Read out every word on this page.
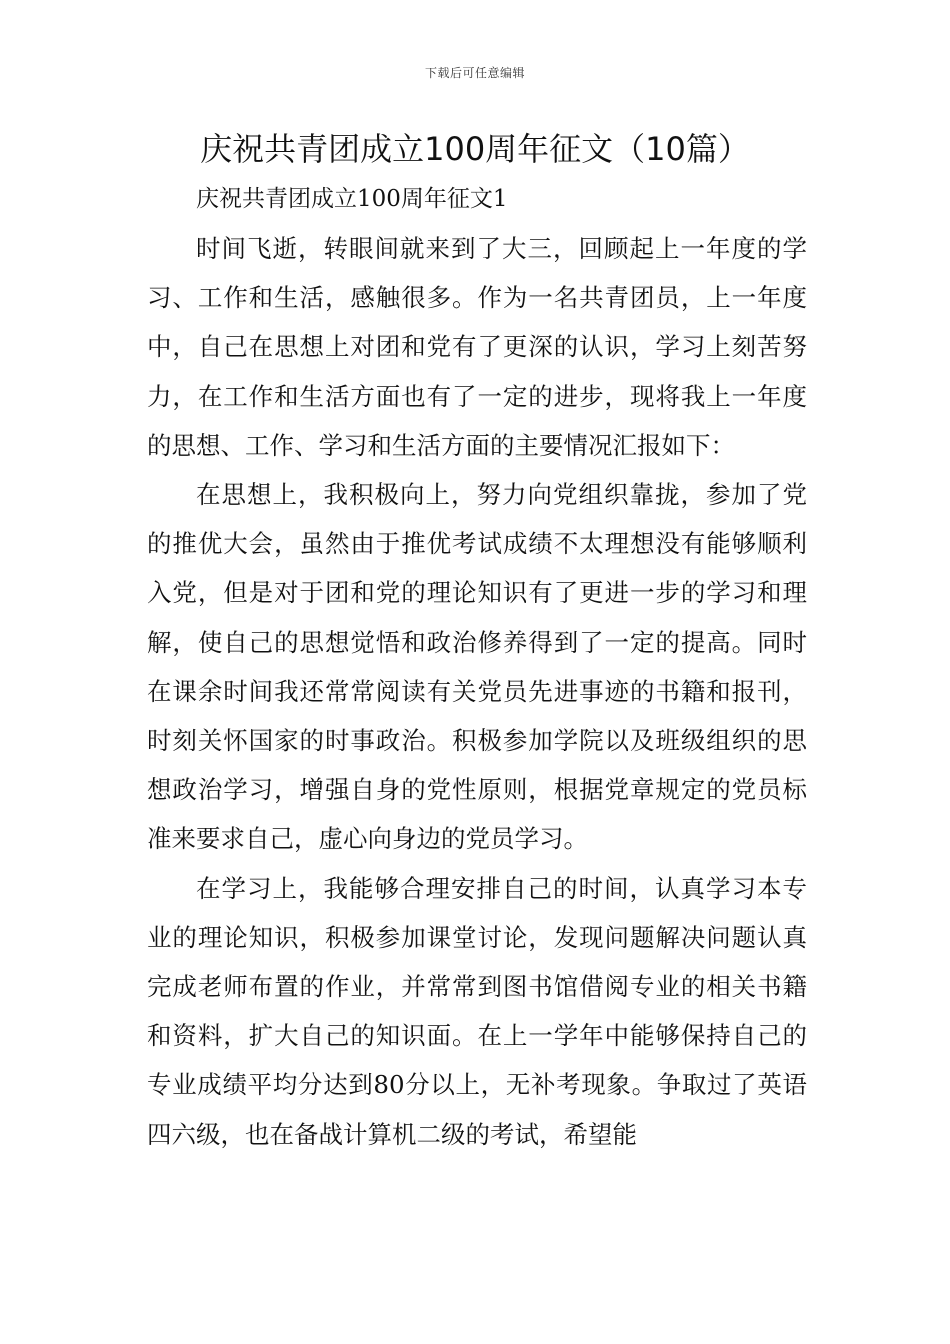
下载后可任意编辑
庆祝共青团成立100周年征文（10篇）
庆祝共青团成立100周年征文1

时间飞逝，转眼间就来到了大三，回顾起上一年度的学习、工作和生活，感触很多。作为一名共青团员，上一年度中，自己在思想上对团和党有了更深的认识，学习上刻苦努力，在工作和生活方面也有了一定的进步，现将我上一年度的思想、工作、学习和生活方面的主要情况汇报如下：

在思想上，我积极向上，努力向党组织靠拢，参加了党的推优大会，虽然由于推优考试成绩不太理想没有能够顺利入党，但是对于团和党的理论知识有了更进一步的学习和理解，使自己的思想觉悟和政治修养得到了一定的提高。同时在课余时间我还常常阅读有关党员先进事迹的书籍和报刊，时刻关怀国家的时事政治。积极参加学院以及班级组织的思想政治学习，增强自身的党性原则，根据党章规定的党员标准来要求自己，虚心向身边的党员学习。

在学习上，我能够合理安排自己的时间，认真学习本专业的理论知识，积极参加课堂讨论，发现问题解决问题认真完成老师布置的作业，并常常到图书馆借阅专业的相关书籍和资料，扩大自己的知识面。在上一学年中能够保持自己的专业成绩平均分达到80分以上，无补考现象。争取过了英语四六级，也在备战计算机二级的考试，希望能
